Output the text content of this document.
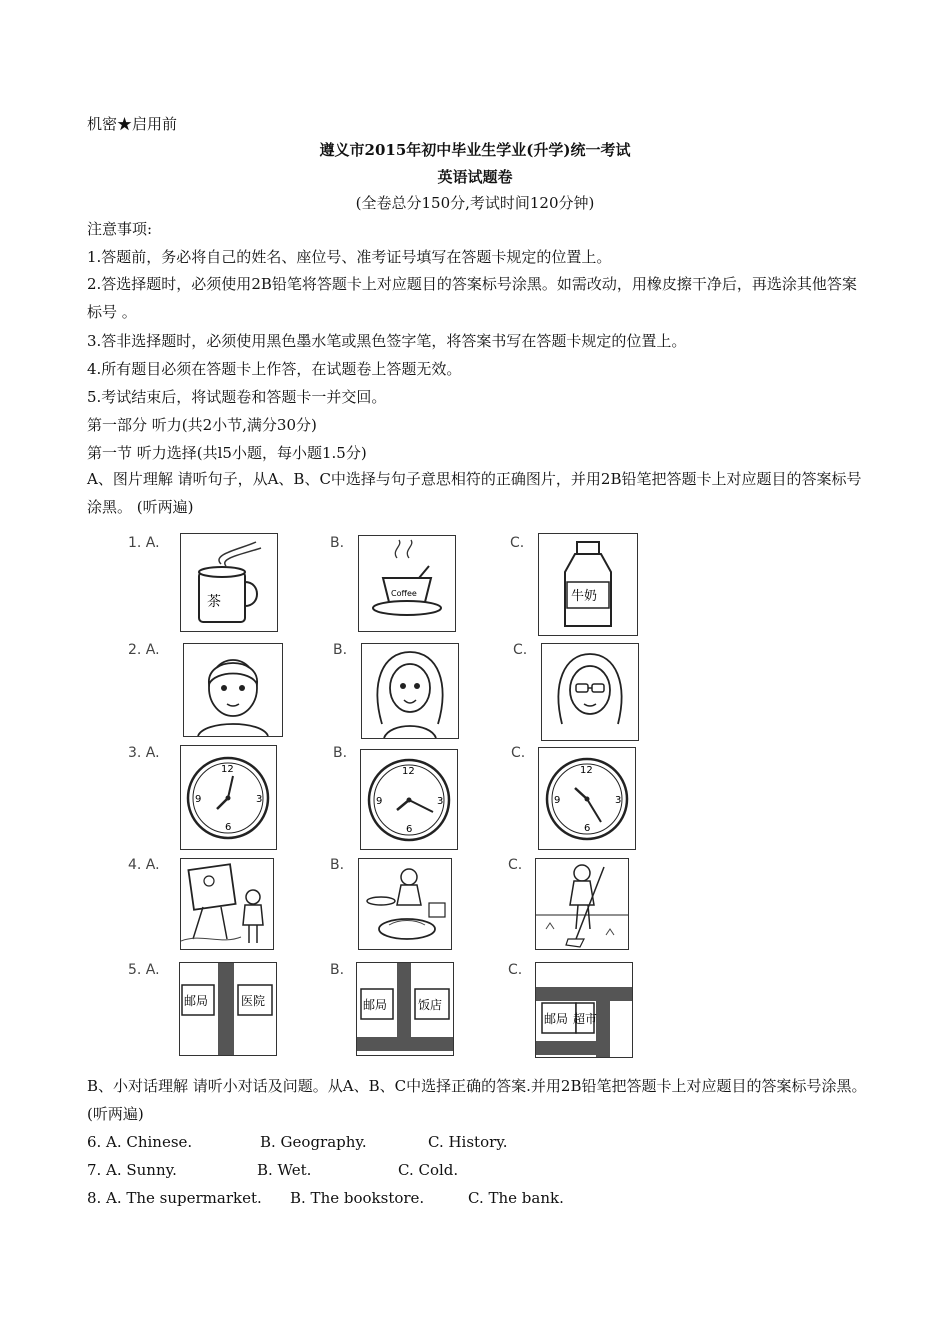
机密★启用前
遵义市2015年初中毕业生学业(升学)统一考试
英语试题卷
(全卷总分150分,考试时间120分钟)
注意事项:
1.答题前，务必将自己的姓名、座位号、准考证号填写在答题卡规定的位置上。
2.答选择题时，必须使用2B铅笔将答题卡上对应题目的答案标号涂黑。如需改动，用橡皮擦干净后，再选涂其他答案标号 。
3.答非选择题时，必须使用黑色墨水笔或黑色签字笔，将答案书写在答题卡规定的位置上。
4.所有题目必须在答题卡上作答，在试题卷上答题无效。
5.考试结束后，将试题卷和答题卡一并交回。
第一部分 听力(共2小节,满分30分)
第一节 听力选择(共l5小题，每小题1.5分)
A、图片理解 请听句子，从A、B、C中选择与句子意思相符的正确图片，并用2B铅笔把答题卡上对应题目的答案标号涂黑。 (听两遍)
1. A.	B.	C.
2. A.	B.	C.
3. A.	B.	C.
4. A.	B.	C.
5. A.	B.	C.
茶
Coffee	牛奶
12
3
6
9
12
3
6
9
12
3
6
9
邮局	医院	邮局	饭店
邮局 超市
B、小对话理解 请听小对话及问题。从A、B、C中选择正确的答案.并用2B铅笔把答题卡上对应题目的答案标号涂黑。 (听两遍)
6. A. Chinese.	B. Geography.	C. History.
7. A. Sunny.	B. Wet.	C. Cold.
8. A. The supermarket. B. The bookstore.	C. The bank.
